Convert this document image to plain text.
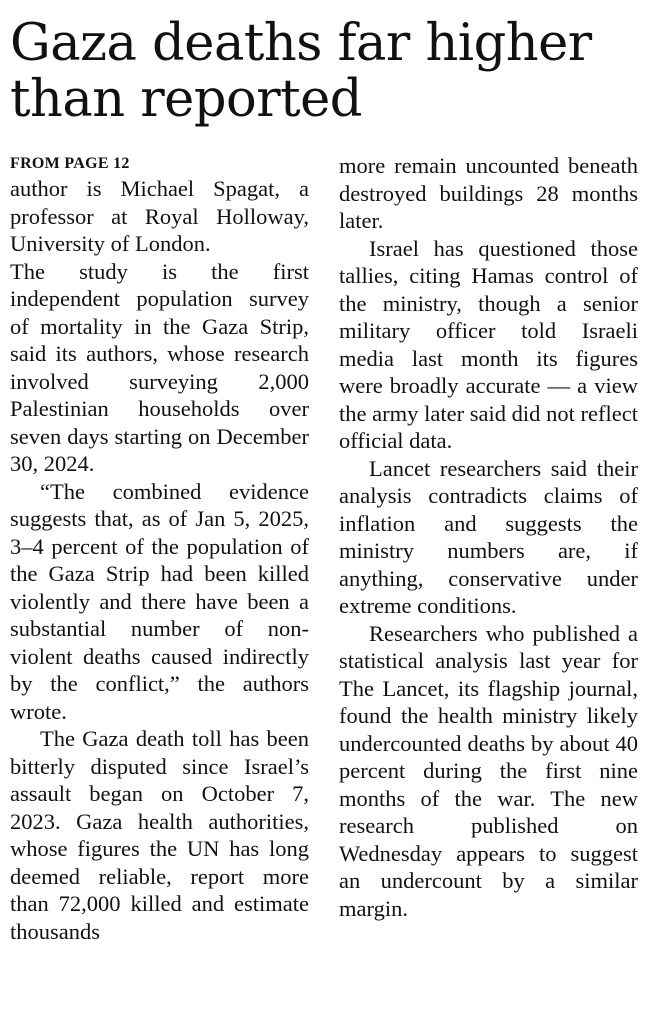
Gaza deaths far higher than reported
FROM PAGE 12

author is Michael Spagat, a professor at Royal Holloway, University of London.

The study is the first independent population survey of mortality in the Gaza Strip, said its authors, whose research involved surveying 2,000 Palestinian households over seven days starting on December 30, 2024.

“The combined evidence suggests that, as of Jan 5, 2025, 3–4 percent of the population of the Gaza Strip had been killed violently and there have been a substantial number of non-violent deaths caused indirectly by the conflict,” the authors wrote.

The Gaza death toll has been bitterly disputed since Israel’s assault began on October 7, 2023. Gaza health authorities, whose figures the UN has long deemed reliable, report more than 72,000 killed and estimate thousands

more remain uncounted beneath destroyed buildings 28 months later.

Israel has questioned those tallies, citing Hamas control of the ministry, though a senior military officer told Israeli media last month its figures were broadly accurate — a view the army later said did not reflect official data.

Lancet researchers said their analysis contradicts claims of inflation and suggests the ministry numbers are, if anything, conservative under extreme conditions.

Researchers who published a statistical analysis last year for The Lancet, its flagship journal, found the health ministry likely undercounted deaths by about 40 percent during the first nine months of the war. The new research published on Wednesday appears to suggest an undercount by a similar margin.
